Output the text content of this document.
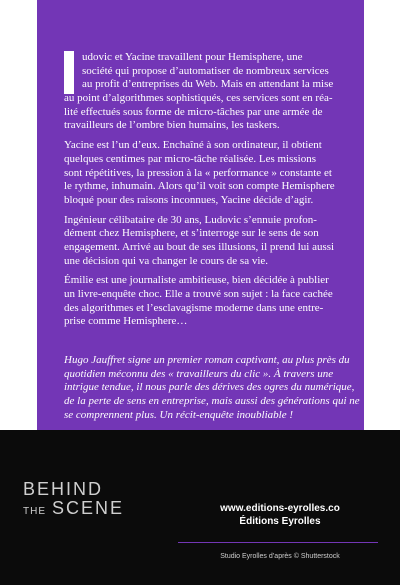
udovic et Yacine travaillent pour Hemisphere, une
société qui propose d’automatiser de nombreux services
au profit d’entreprises du Web. Mais en attendant la mise
au point d’algorithmes sophistiqués, ces services sont en réa-
lité effectués sous forme de micro-tâches par une armée de
travailleurs de l’ombre bien humains, les taskers.
Yacine est l’un d’eux. Enchaîné à son ordinateur, il obtient
quelques centimes par micro-tâche réalisée. Les missions
sont répétitives, la pression à la « performance » constante et
le rythme, inhumain. Alors qu’il voit son compte Hemisphere
bloqué pour des raisons inconnues, Yacine décide d’agir.
Ingénieur célibataire de 30 ans, Ludovic s’ennuie profon-
dément chez Hemisphere, et s’interroge sur le sens de son
engagement. Arrivé au bout de ses illusions, il prend lui aussi
une décision qui va changer le cours de sa vie.
Émilie est une journaliste ambitieuse, bien décidée à publier
un livre-enquête choc. Elle a trouvé son sujet : la face cachée
des algorithmes et l’esclavagisme moderne dans une entre-
prise comme Hemisphere…
Hugo Jauffret signe un premier roman captivant, au plus près du
quotidien méconnu des « travailleurs du clic ». À travers une
intrigue tendue, il nous parle des dérives des ogres du numérique,
de la perte de sens en entreprise, mais aussi des générations qui ne
se comprennent plus. Un récit-enquête inoubliable !
BEHIND
THE SCENE	www.editions-eyrolles.co
Éditions Eyrolles
Studio Eyrolles d’après © Shutterstock
